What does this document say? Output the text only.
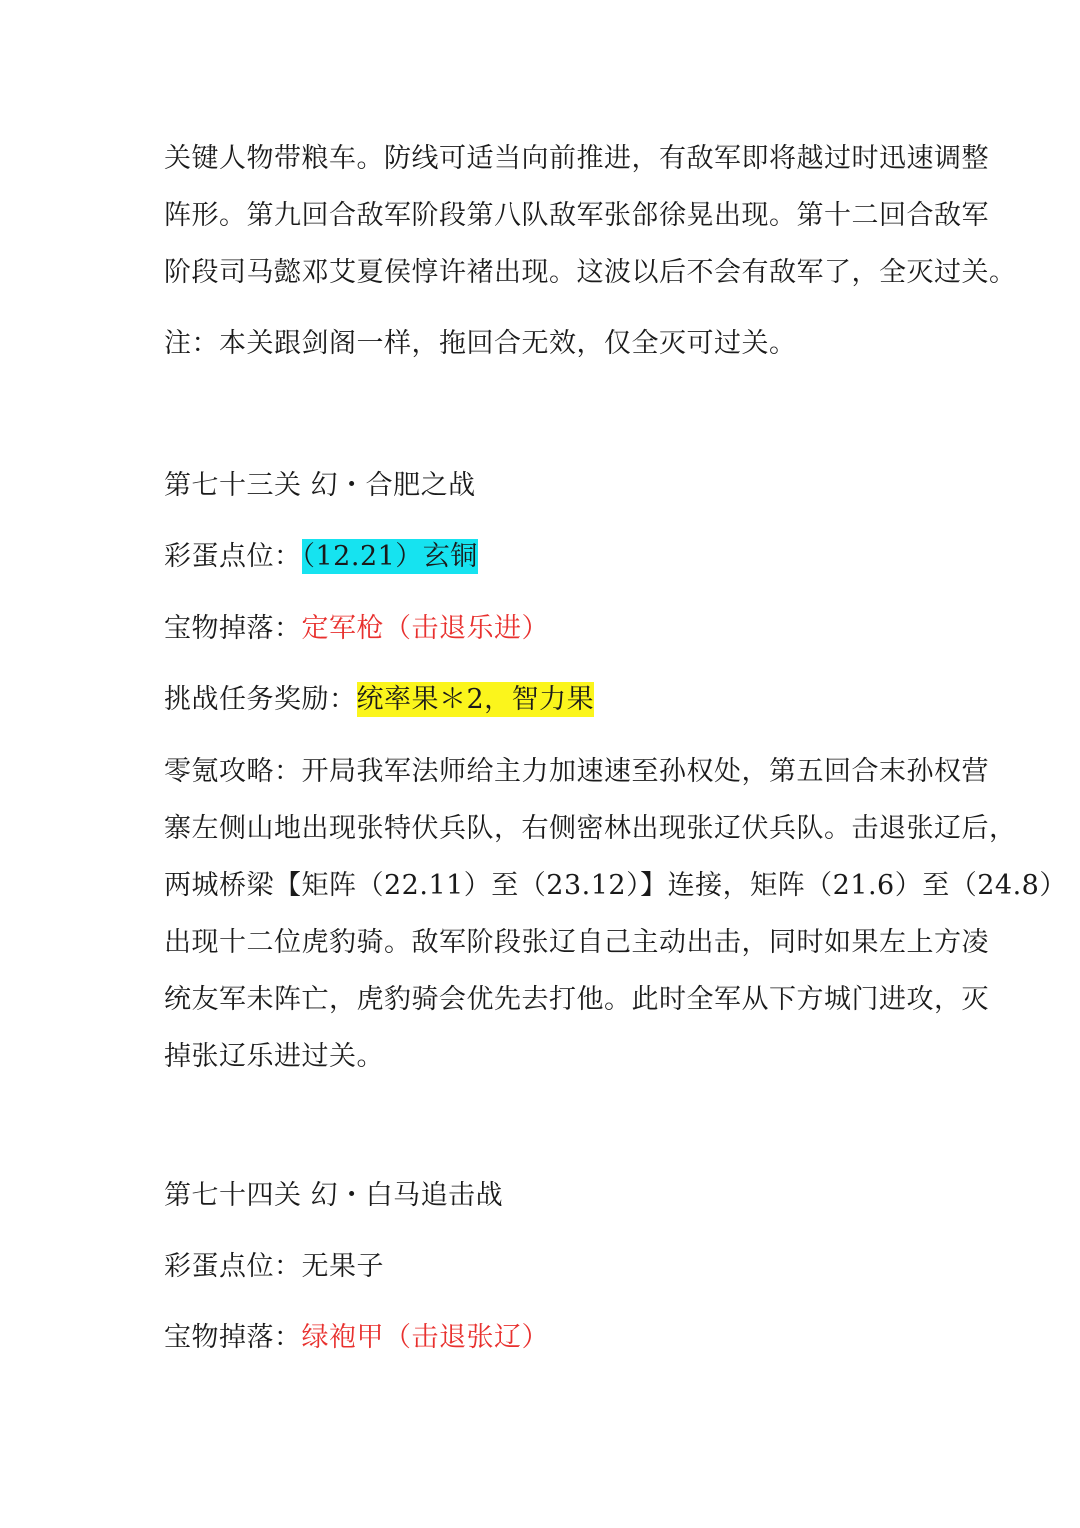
关键人物带粮车。防线可适当向前推进，有敌军即将越过时迅速调整
阵形。第九回合敌军阶段第八队敌军张郃徐晃出现。第十二回合敌军
阶段司马懿邓艾夏侯惇许褚出现。这波以后不会有敌军了，全灭过关。
注：本关跟剑阁一样，拖回合无效，仅全灭可过关。
第七十三关 幻・合肥之战
彩蛋点位：（12.21）玄铜
宝物掉落：定军枪（击退乐进）
挑战任务奖励：统率果＊2，智力果
零氪攻略：开局我军法师给主力加速速至孙权处，第五回合末孙权营
寨左侧山地出现张特伏兵队，右侧密林出现张辽伏兵队。击退张辽后，
两城桥梁【矩阵（22.11）至（23.12）】连接，矩阵（21.6）至（24.8）
出现十二位虎豹骑。敌军阶段张辽自己主动出击，同时如果左上方凌
统友军未阵亡，虎豹骑会优先去打他。此时全军从下方城门进攻，灭
掉张辽乐进过关。
第七十四关 幻・白马追击战
彩蛋点位：无果子
宝物掉落：绿袍甲（击退张辽）
